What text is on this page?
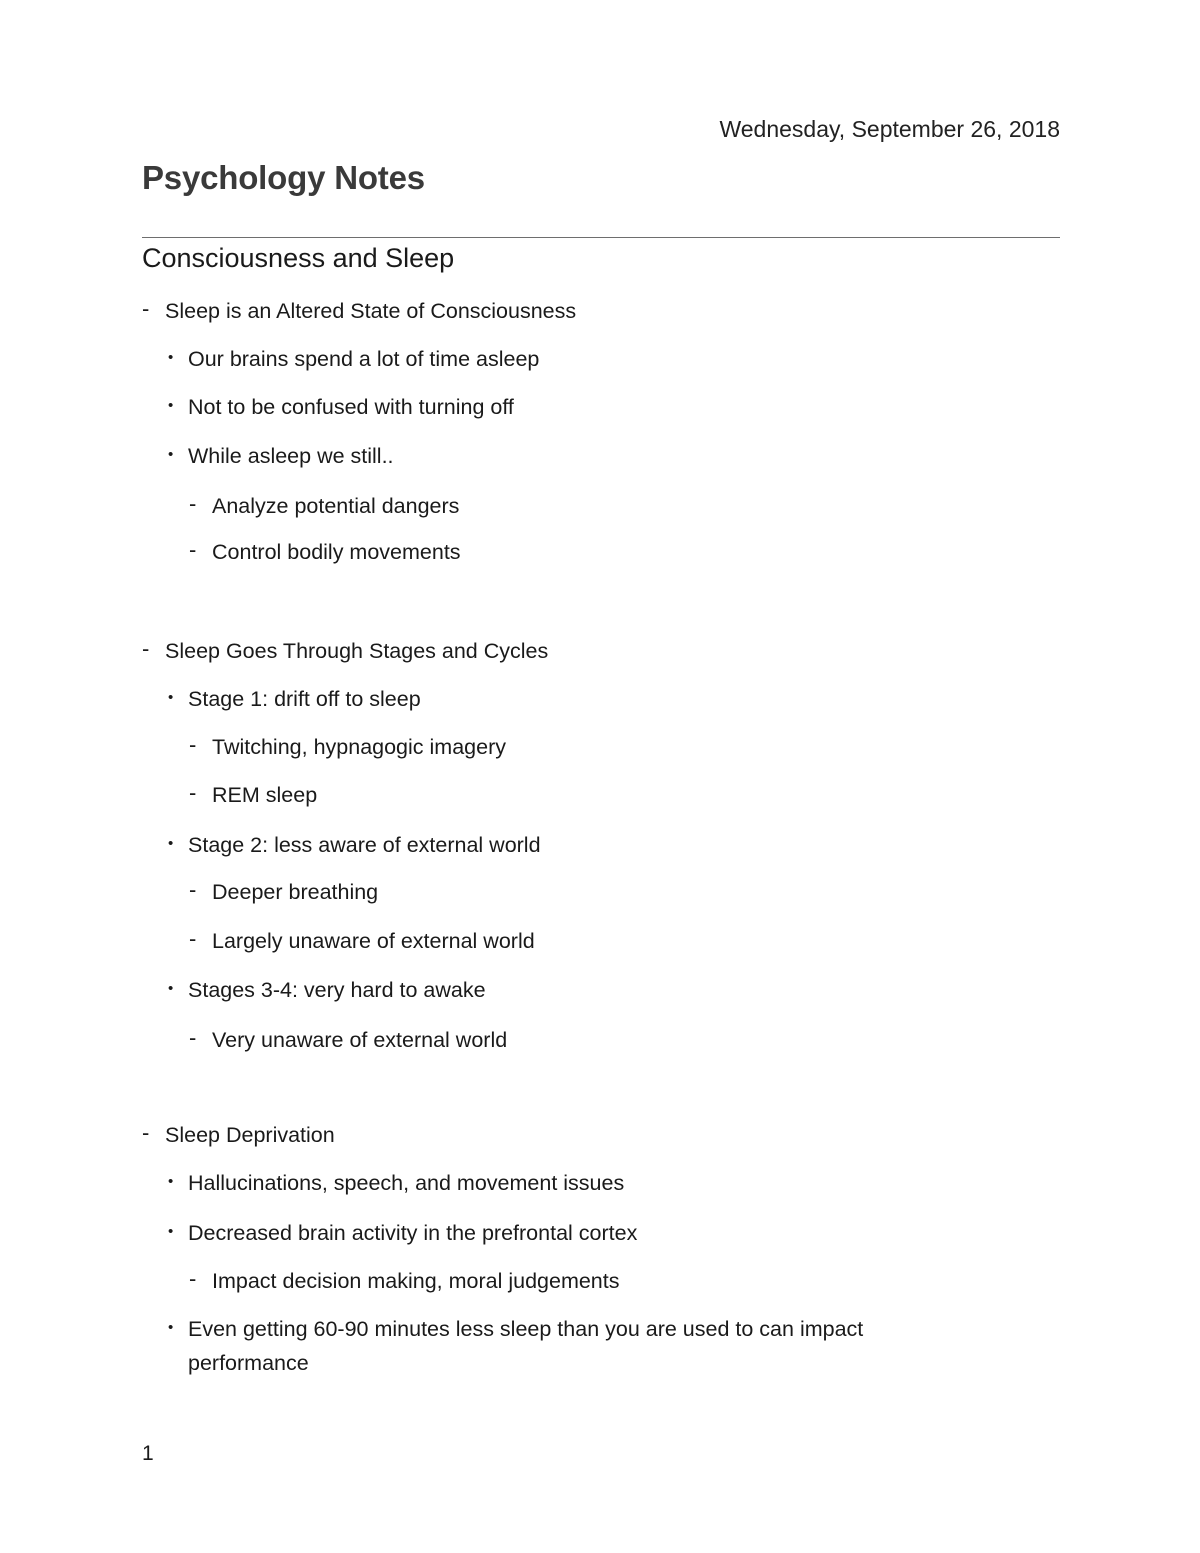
Wednesday, September 26, 2018
Psychology Notes
Consciousness and Sleep
- Sleep is an Altered State of Consciousness
• Our brains spend a lot of time asleep
• Not to be confused with turning off
• While asleep we still..
- Analyze potential dangers
- Control bodily movements
- Sleep Goes Through Stages and Cycles
• Stage 1: drift off to sleep
- Twitching, hypnagogic imagery
- REM sleep
• Stage 2: less aware of external world
- Deeper breathing
- Largely unaware of external world
• Stages 3-4: very hard to awake
- Very unaware of external world
- Sleep Deprivation
• Hallucinations, speech, and movement issues
• Decreased brain activity in the prefrontal cortex
- Impact decision making, moral judgements
• Even getting 60-90 minutes less sleep than you are used to can impact performance
1
